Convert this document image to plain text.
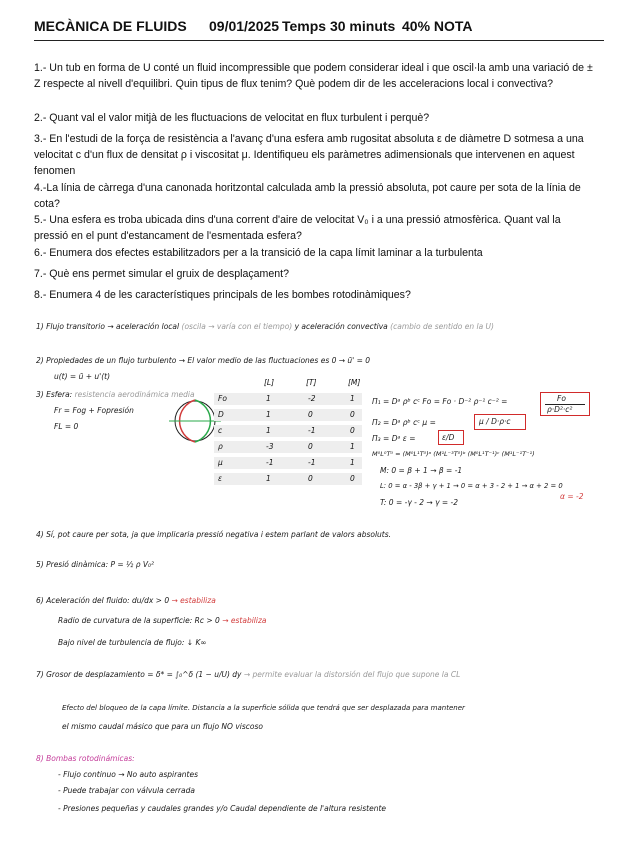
MECÀNICA DE FLUIDS 09/01/2025 Temps 30 minuts 40% NOTA
1.- Un tub en forma de U conté un fluid incompressible que podem considerar ideal i que oscil·la amb una variació de ± Z respecte al nivell d'equilibri. Quin tipus de flux tenim? Què podem dir de les acceleracions local i convectiva?
2.- Quant val el valor mitjà de les fluctuacions de velocitat en flux turbulent i perquè?
3.- En l'estudi de la força de resistència a l'avanç d'una esfera amb rugositat absoluta ε de diàmetre D sotmesa a una velocitat c d'un flux de densitat ρ i viscositat μ. Identifiqueu els paràmetres adimensionals que intervenen en aquest fenomen
4.-La línia de càrrega d'una canonada horitzontal calculada amb la pressió absoluta, pot caure per sota de la línia de cota?
5.- Una esfera es troba ubicada dins d'una corrent d'aire de velocitat V₀ i a una pressió atmosfèrica. Quant val la pressió en el punt d'estancament de l'esmentada esfera?
6.- Enumera dos efectes estabilitzadors per a la transició de la capa límit laminar a la turbulenta
7.- Què ens permet simular el gruix de desplaçament?
8.- Enumera 4 de les característiques principals de les bombes rotodinàmiques?
1) Flujo transitorio → aceleración local (oscila → varía con el tiempo) y aceleración convectiva (cambio de sentido en la U)
2) Propiedades de un flujo turbulento → El valor medio de las fluctuaciones es 0 → ū' = 0
u(t) = ū + u'(t)
3) Esfera: resistencia aerodinámica media
Fr = Fog + Fopresión
FL = 0
[L]	[T]	[M]
Fo	1	-2	1
D	1	0	0
c	1	-1	0
ρ	-3	0	1
μ	-1	-1	1
ε	1	0	0
Π₁ = Dᵃ ρᵇ cᶜ Fo = Fo · D⁻² ρ⁻¹ c⁻² =	Fo
ρ·D²·c²
Π₂ = Dᵃ ρᵇ cᶜ μ =	μ / D·ρ·c
Π₃ = Dᵃ ε =	ε/D
M⁰L⁰T⁰ = (M⁰L¹T⁰)ᵃ (M¹L⁻³T⁰)ᵇ (M⁰L¹T⁻¹)ᶜ (M¹L⁻¹T⁻¹)
M: 0 = β + 1 → β = -1
L: 0 = α - 3β + γ + 1 → 0 = α + 3 - 2 + 1 → α + 2 = 0
T: 0 = -γ - 2 → γ = -2
α = -2
4) Sí, pot caure per sota, ja que implicaria pressió negativa i estem parlant de valors absoluts.
5) Presió dinàmica: P = ½ ρ V₀²
6) Aceleración del fluido: du/dx > 0 → estabiliza
Radio de curvatura de la superficie: Rc > 0 → estabiliza
Bajo nivel de turbulencia de flujo: ↓ K∞
7) Grosor de desplazamiento = δ* = ∫₀^δ (1 − u/U) dy → permite evaluar la distorsión del flujo que supone la CL
Efecto del bloqueo de la capa límite. Distancia a la superficie sólida que tendrá que ser desplazada para mantener
el mismo caudal másico que para un flujo NO viscoso
8) Bombas rotodinámicas:
- Flujo continuo → No auto aspirantes
- Puede trabajar con válvula cerrada
- Presiones pequeñas y caudales grandes y/o Caudal dependiente de l'altura resistente
